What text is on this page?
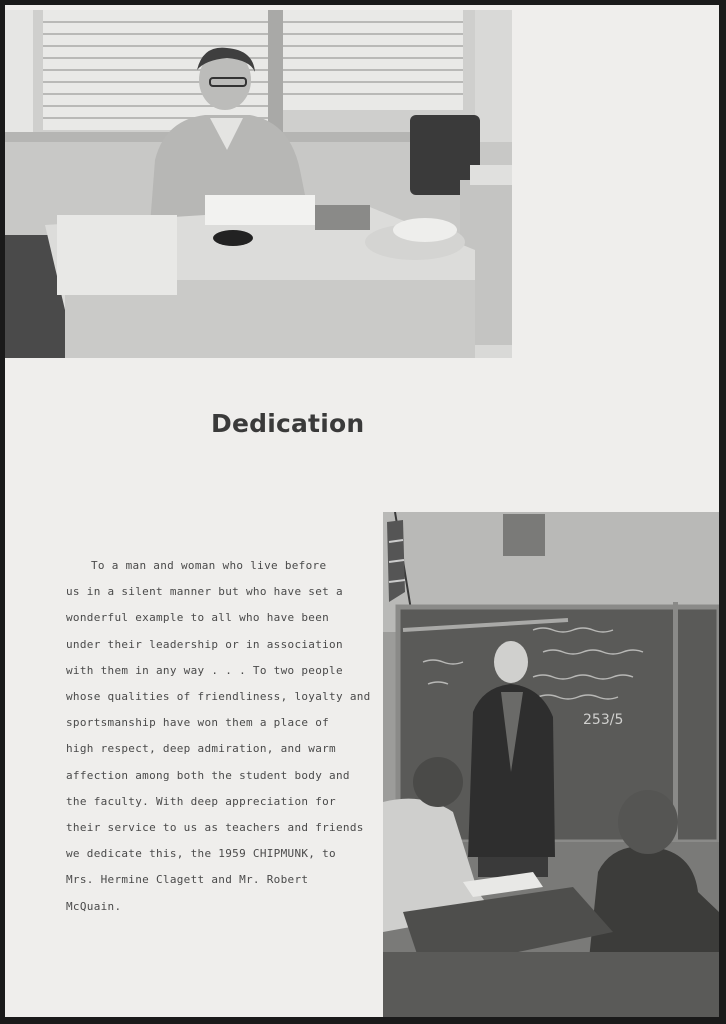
Dedication
To a man and woman who live before
us in a silent manner but who have set a
wonderful example to all who have been
under their leadership or in association
with them in any way . . . To two people
whose qualities of friendliness, loyalty and
sportsmanship have won them a place of
high respect, deep admiration, and warm
affection among both the student body and
the faculty. With deep appreciation for
their service to us as teachers and friends
we dedicate this, the 1959 CHIPMUNK, to
Mrs. Hermine Clagett and Mr. Robert
McQuain.
253/5
